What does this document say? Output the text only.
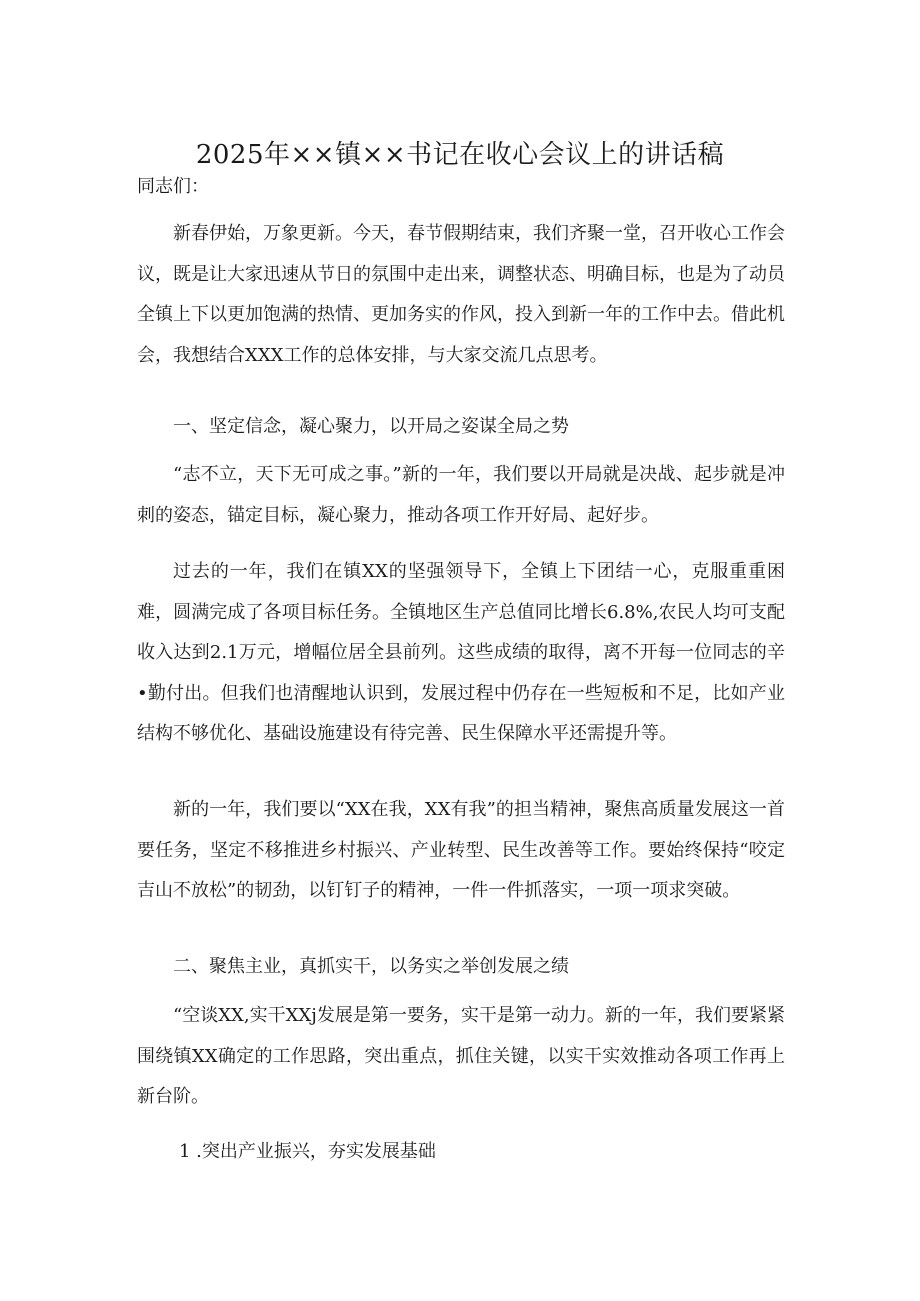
2025年××镇××书记在收心会议上的讲话稿
同志们：

新春伊始，万象更新。今天，春节假期结束，我们齐聚一堂，召开收心工作会议，既是让大家迅速从节日的氛围中走出来，调整状态、明确目标，也是为了动员全镇上下以更加饱满的热情、更加务实的作风，投入到新一年的工作中去。借此机会，我想结合XXX工作的总体安排，与大家交流几点思考。

一、坚定信念，凝心聚力，以开局之姿谋全局之势

“志不立，天下无可成之事。”新的一年，我们要以开局就是决战、起步就是冲刺的姿态，锚定目标，凝心聚力，推动各项工作开好局、起好步。

过去的一年，我们在镇XX的坚强领导下，全镇上下团结一心，克服重重困难，圆满完成了各项目标任务。全镇地区生产总值同比增长6.8%,农民人均可支配收入达到2.1万元，增幅位居全县前列。这些成绩的取得，离不开每一位同志的辛•勤付出。但我们也清醒地认识到，发展过程中仍存在一些短板和不足，比如产业结构不够优化、基础设施建设有待完善、民生保障水平还需提升等。

新的一年，我们要以“XX在我，XX有我”的担当精神，聚焦高质量发展这一首要任务，坚定不移推进乡村振兴、产业转型、民生改善等工作。要始终保持“咬定吉山不放松”的韧劲，以钉钉子的精神，一件一件抓落实，一项一项求突破。

二、聚焦主业，真抓实干，以务实之举创发展之绩

“空谈XX,实干XXj发展是第一要务，实干是第一动力。新的一年，我们要紧紧围绕镇XX确定的工作思路，突出重点，抓住关键，以实干实效推动各项工作再上新台阶。

1 .突出产业振兴，夯实发展基础
